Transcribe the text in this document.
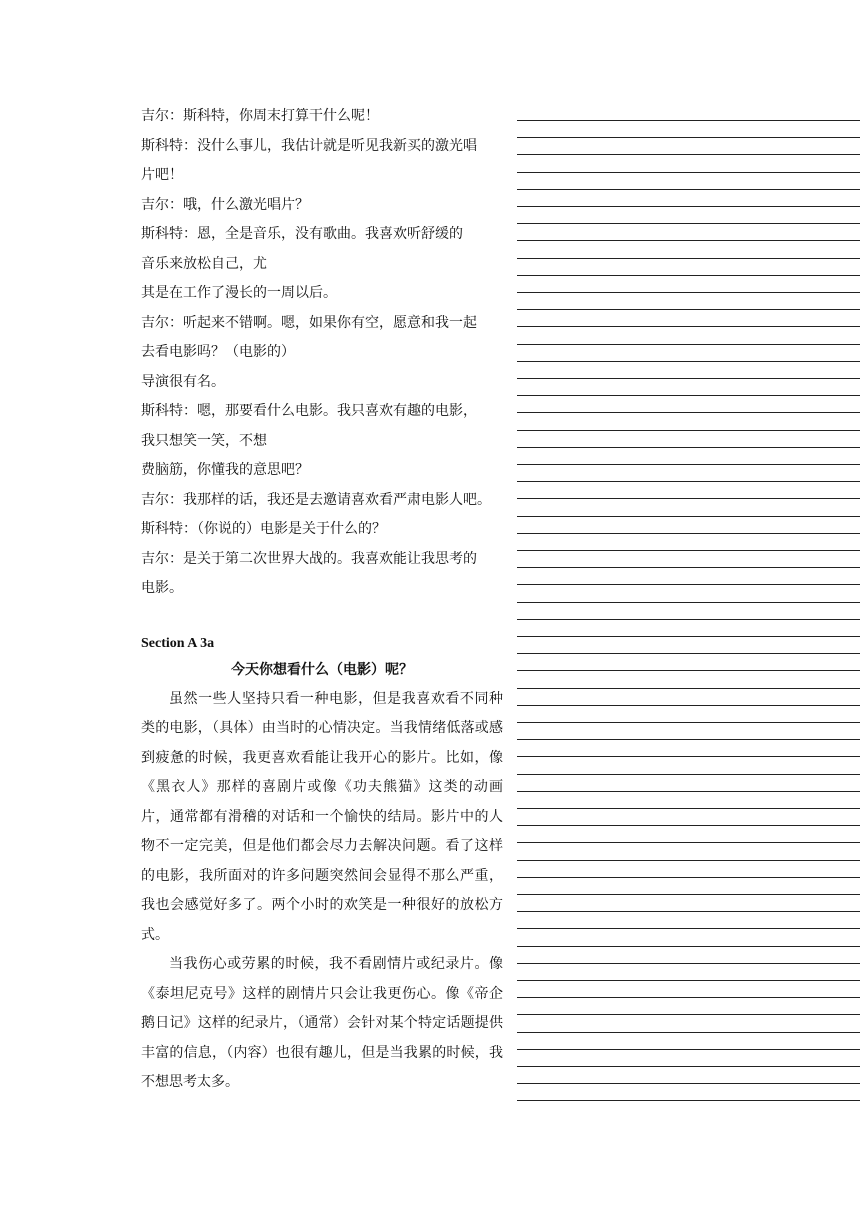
吉尔：斯科特，你周末打算干什么呢！
斯科特：没什么事儿，我估计就是听见我新买的激光唱
片吧！
吉尔：哦，什么激光唱片？
斯科特：恩，全是音乐，没有歌曲。我喜欢听舒缓的
音乐来放松自己，尤
其是在工作了漫长的一周以后。
吉尔：听起来不错啊。嗯，如果你有空，愿意和我一起
去看电影吗？（电影的）
导演很有名。
斯科特：嗯，那要看什么电影。我只喜欢有趣的电影，
我只想笑一笑，不想
费脑筋，你懂我的意思吧？
吉尔：我那样的话，我还是去邀请喜欢看严肃电影人吧。
斯科特：（你说的）电影是关于什么的？
吉尔：是关于第二次世界大战的。我喜欢能让我思考的
电影。
Section A 3a
今天你想看什么（电影）呢？

虽然一些人坚持只看一种电影，但是我喜欢看不同种类的电影，（具体）由当时的心情决定。当我情绪低落或感到疲惫的时候，我更喜欢看能让我开心的影片。比如，像《黑衣人》那样的喜剧片或像《功夫熊猫》这类的动画片，通常都有滑稽的对话和一个愉快的结局。影片中的人物不一定完美，但是他们都会尽力去解决问题。看了这样的电影，我所面对的许多问题突然间会显得不那么严重，我也会感觉好多了。两个小时的欢笑是一种很好的放松方式。

当我伤心或劳累的时候，我不看剧情片或纪录片。像《泰坦尼克号》这样的剧情片只会让我更伤心。像《帝企鹅日记》这样的纪录片，（通常）会针对某个特定话题提供丰富的信息，（内容）也很有趣儿，但是当我累的时候，我不想思考太多。
